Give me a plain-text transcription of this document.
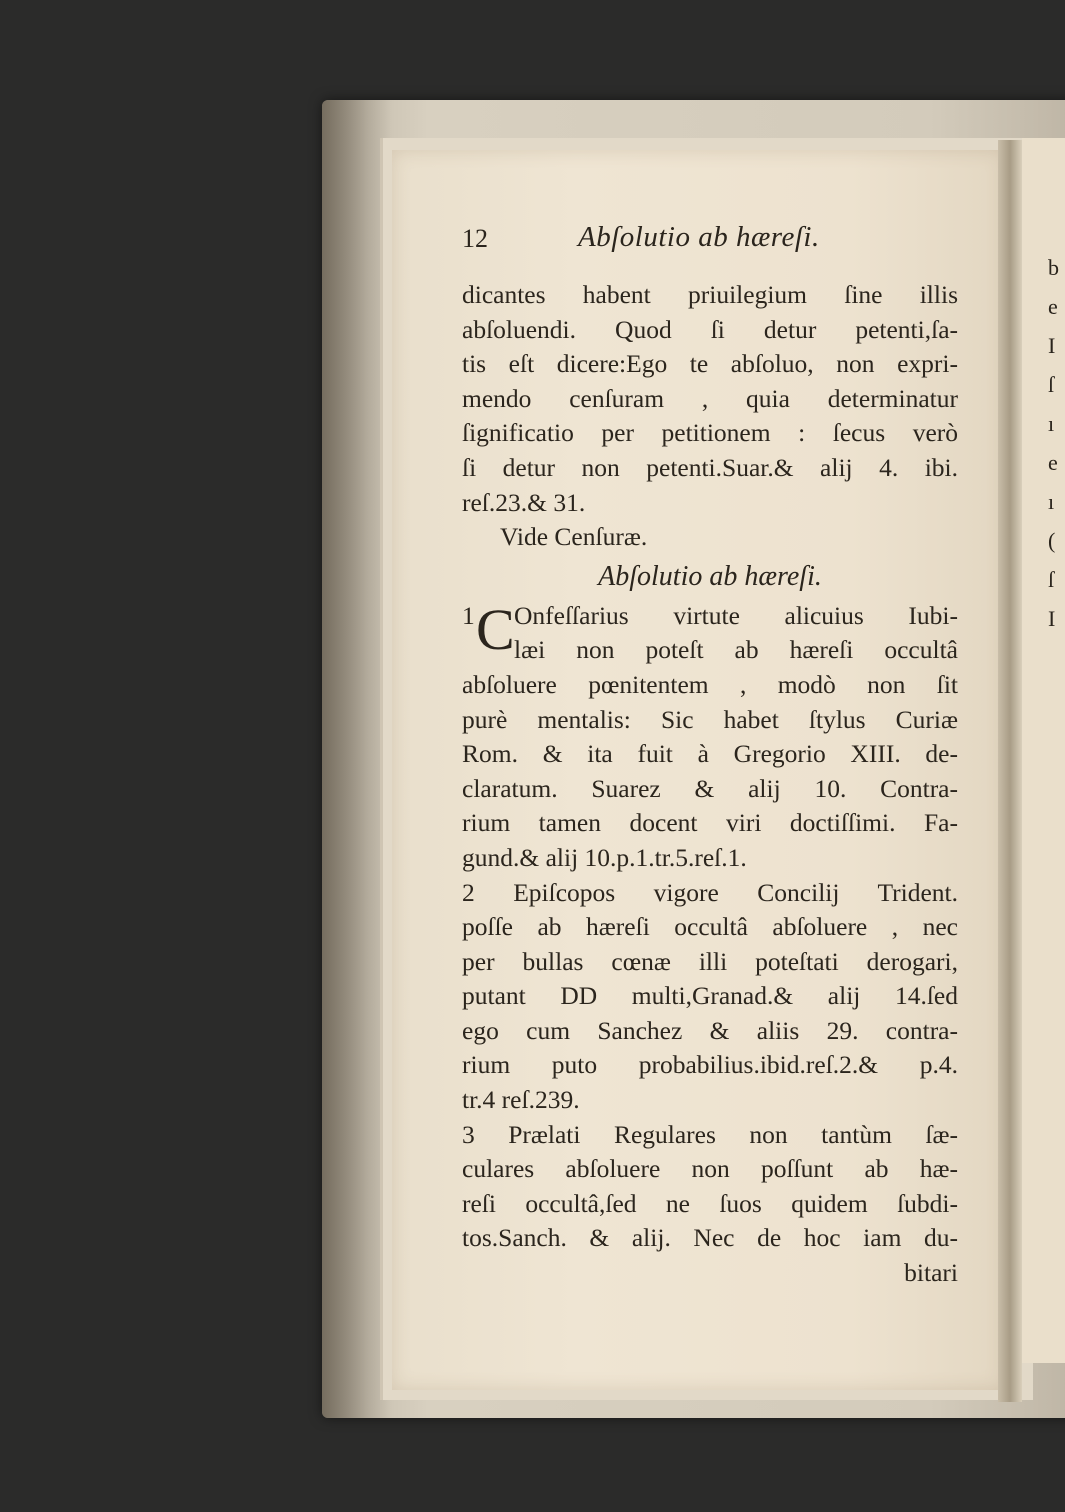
b
e
I
ſ
ı
e
ı
(
ſ
I
12	Abſolutio ab hæreſi.
dicantes habent priuilegium ſine illis
abſoluendi. Quod ſi detur petenti,ſa-
tis eſt dicere:Ego te abſoluo, non expri-
mendo cenſuram , quia determinatur
ſignificatio per petitionem : ſecus verò
ſi detur non petenti.Suar.& alij 4. ibi.
reſ.23.& 31.
Vide Cenſuræ.
Abſolutio ab hæreſi.
1 C Onfeſſarius virtute alicuius Iubi-
læi non poteſt ab hæreſi occultâ
abſoluere pœnitentem , modò non ſit
purè mentalis: Sic habet ſtylus Curiæ
Rom. & ita fuit à Gregorio XIII. de-
claratum. Suarez & alij 10. Contra-
rium tamen docent viri doctiſſimi. Fa-
gund.& alij 10.p.1.tr.5.reſ.1.
2 Epiſcopos vigore Concilij Trident.
poſſe ab hæreſi occultâ abſoluere , nec
per bullas cœnæ illi poteſtati derogari,
putant DD multi,Granad.& alij 14.ſed
ego cum Sanchez & aliis 29. contra-
rium puto probabilius.ibid.reſ.2.& p.4.
tr.4 reſ.239.
3 Prælati Regulares non tantùm ſæ-
culares abſoluere non poſſunt ab hæ-
reſi occultâ,ſed ne ſuos quidem ſubdi-
tos.Sanch. & alij. Nec de hoc iam du-
bitari
